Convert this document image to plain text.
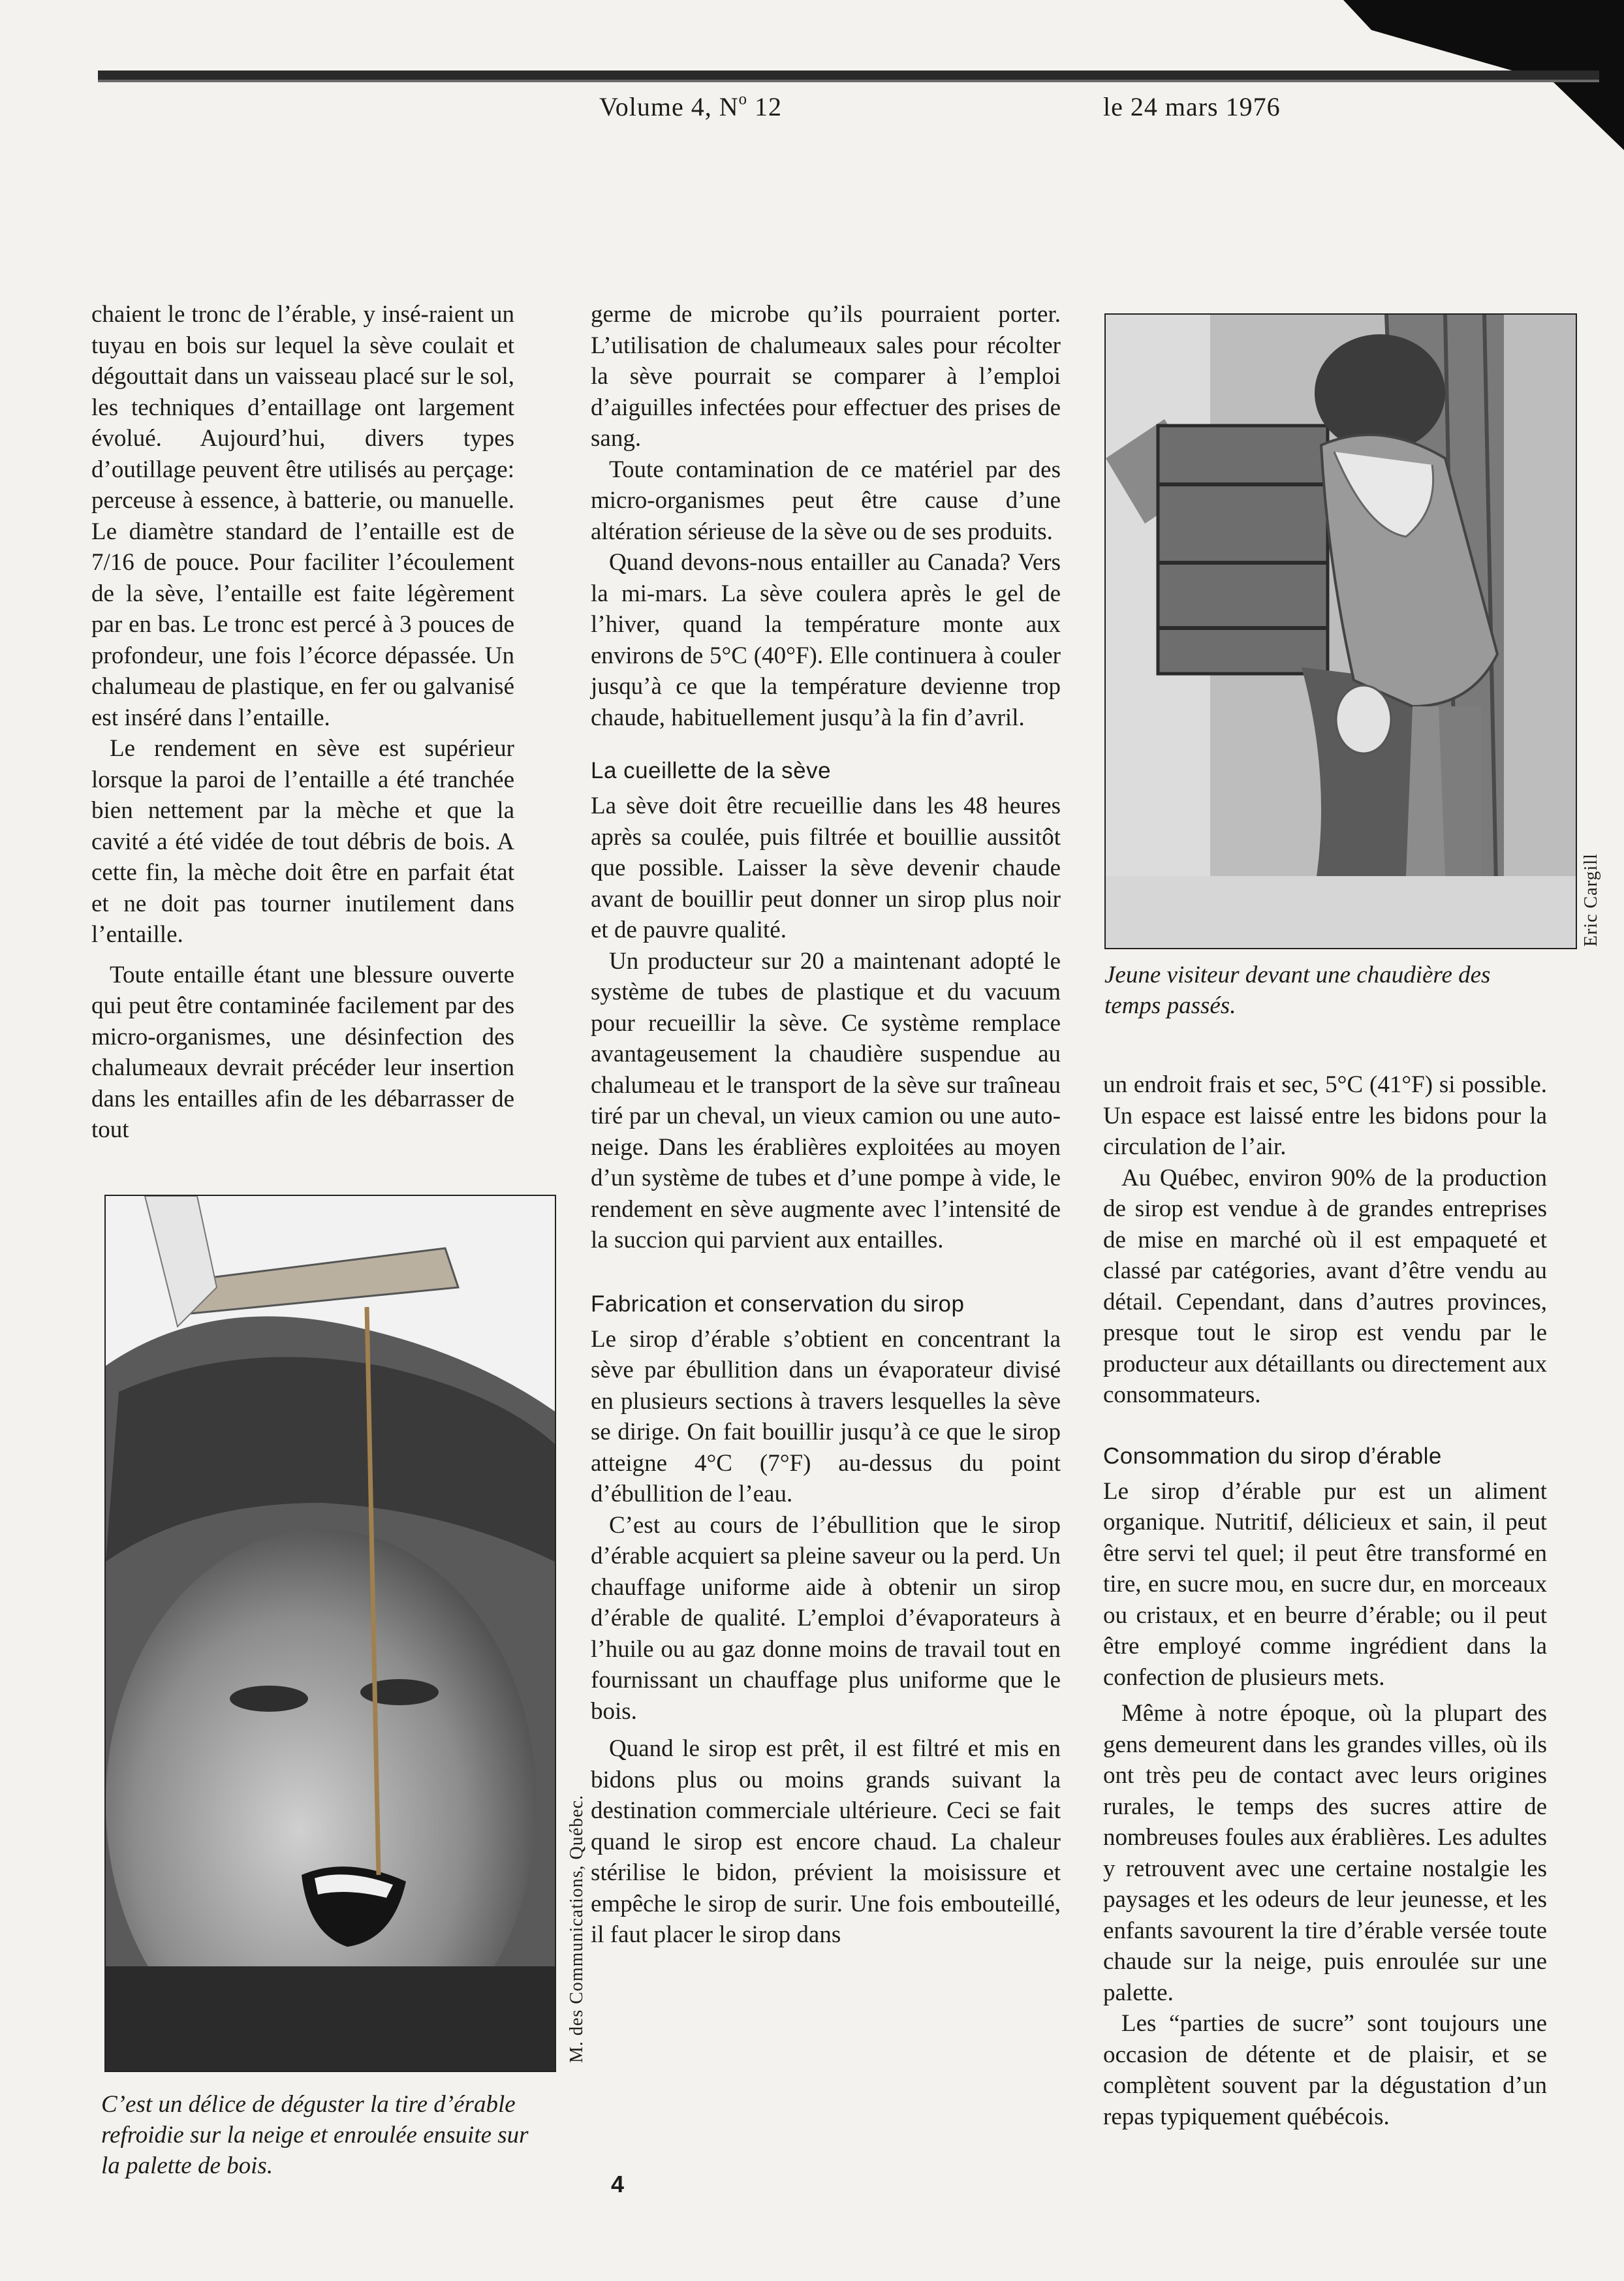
Volume 4, $N^o$ 12	le 24 mars 1976

chaient le tronc de l’érable, y insé-raient un tuyau en bois sur lequel la sève coulait et dégouttait dans un vaisseau placé sur le sol, les techniques d’entaillage ont largement évolué. Aujourd’hui, divers types d’outillage peuvent être utilisés au perçage: perceuse à essence, à batterie, ou manuelle. Le diamètre standard de l’entaille est de 7/16 de pouce. Pour faciliter l’écoulement de la sève, l’entaille est faite légèrement par en bas. Le tronc est percé à 3 pouces de profondeur, une fois l’écorce dépassée. Un chalumeau de plastique, en fer ou galvanisé est inséré dans l’entaille.

Le rendement en sève est supérieur lorsque la paroi de l’entaille a été tranchée bien nettement par la mèche et que la cavité a été vidée de tout débris de bois. A cette fin, la mèche doit être en parfait état et ne doit pas tourner inutilement dans l’entaille.

Toute entaille étant une blessure ouverte qui peut être contaminée facilement par des micro-organismes, une désinfection des chalumeaux devrait précéder leur insertion dans les entailles afin de les débarrasser de tout

M. des Communications, Québec.
C’est un délice de déguster la tire d’érable refroidie sur la neige et enroulée ensuite sur la palette de bois.

germe de microbe qu’ils pourraient porter. L’utilisation de chalumeaux sales pour récolter la sève pourrait se comparer à l’emploi d’aiguilles infectées pour effectuer des prises de sang.

Toute contamination de ce matériel par des micro-organismes peut être cause d’une altération sérieuse de la sève ou de ses produits.

Quand devons-nous entailler au Canada? Vers la mi-mars. La sève coulera après le gel de l’hiver, quand la température monte aux environs de 5°C (40°F). Elle continuera à couler jusqu’à ce que la température devienne trop chaude, habituellement jusqu’à la fin d’avril.

La cueillette de la sève

La sève doit être recueillie dans les 48 heures après sa coulée, puis filtrée et bouillie aussitôt que possible. Laisser la sève devenir chaude avant de bouillir peut donner un sirop plus noir et de pauvre qualité.

Un producteur sur 20 a maintenant adopté le système de tubes de plastique et du vacuum pour recueillir la sève. Ce système remplace avantageusement la chaudière suspendue au chalumeau et le transport de la sève sur traîneau tiré par un cheval, un vieux camion ou une auto-neige. Dans les érablières exploitées au moyen d’un système de tubes et d’une pompe à vide, le rendement en sève augmente avec l’intensité de la succion qui parvient aux entailles.

Fabrication et conservation du sirop

Le sirop d’érable s’obtient en concentrant la sève par ébullition dans un évaporateur divisé en plusieurs sections à travers lesquelles la sève se dirige. On fait bouillir jusqu’à ce que le sirop atteigne 4°C (7°F) au-dessus du point d’ébullition de l’eau.

C’est au cours de l’ébullition que le sirop d’érable acquiert sa pleine saveur ou la perd. Un chauffage uniforme aide à obtenir un sirop d’érable de qualité. L’emploi d’évaporateurs à l’huile ou au gaz donne moins de travail tout en fournissant un chauffage plus uniforme que le bois.

Quand le sirop est prêt, il est filtré et mis en bidons plus ou moins grands suivant la destination commerciale ultérieure. Ceci se fait quand le sirop est encore chaud. La chaleur stérilise le bidon, prévient la moisissure et empêche le sirop de surir. Une fois embouteillé, il faut placer le sirop dans

Eric Cargill
Jeune visiteur devant une chaudière des temps passés.

un endroit frais et sec, 5°C (41°F) si possible. Un espace est laissé entre les bidons pour la circulation de l’air.

Au Québec, environ 90% de la production de sirop est vendue à de grandes entreprises de mise en marché où il est empaqueté et classé par catégories, avant d’être vendu au détail. Cependant, dans d’autres provinces, presque tout le sirop est vendu par le producteur aux détaillants ou directement aux consommateurs.

Consommation du sirop d’érable

Le sirop d’érable pur est un aliment organique. Nutritif, délicieux et sain, il peut être servi tel quel; il peut être transformé en tire, en sucre mou, en sucre dur, en morceaux ou cristaux, et en beurre d’érable; ou il peut être employé comme ingrédient dans la confection de plusieurs mets.

Même à notre époque, où la plupart des gens demeurent dans les grandes villes, où ils ont très peu de contact avec leurs origines rurales, le temps des sucres attire de nombreuses foules aux érablières. Les adultes y retrouvent avec une certaine nostalgie les paysages et les odeurs de leur jeunesse, et les enfants savourent la tire d’érable versée toute chaude sur la neige, puis enroulée sur une palette.

Les “parties de sucre” sont toujours une occasion de détente et de plaisir, et se complètent souvent par la dégustation d’un repas typiquement québécois.

4
